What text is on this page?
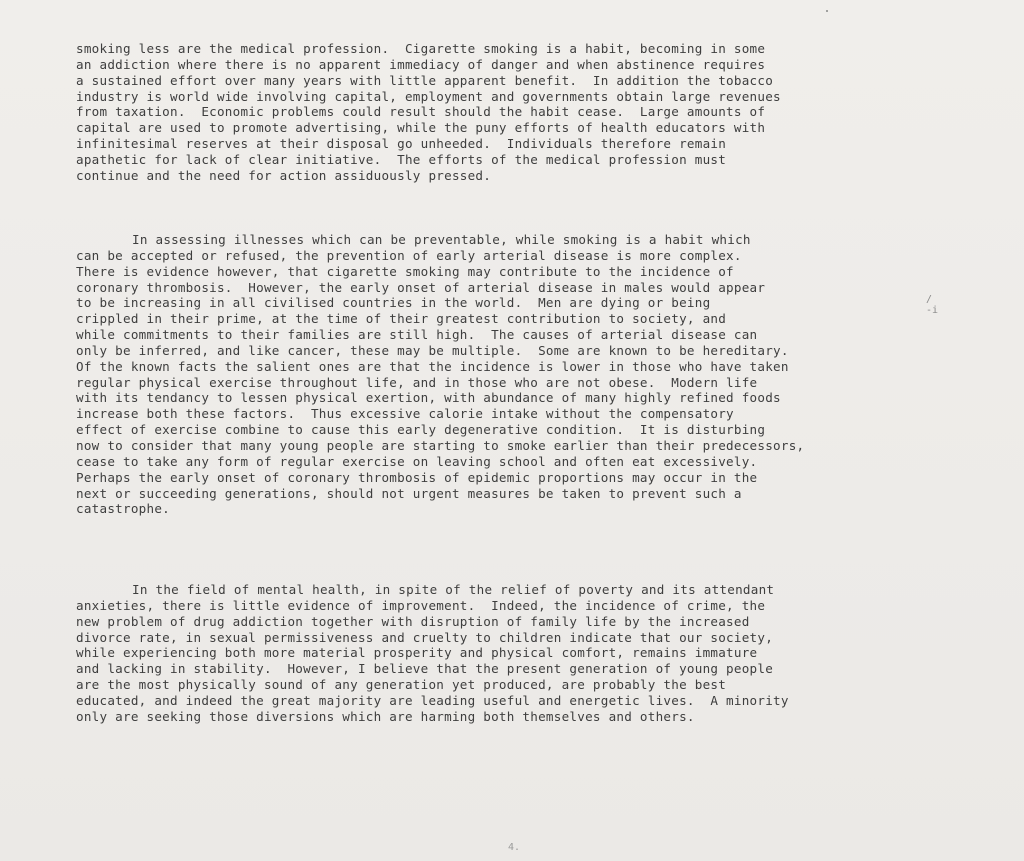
smoking less are the medical profession.  Cigarette smoking is a habit, becoming in some
an addiction where there is no apparent immediacy of danger and when abstinence requires
a sustained effort over many years with little apparent benefit.  In addition the tobacco
industry is world wide involving capital, employment and governments obtain large revenues
from taxation.  Economic problems could result should the habit cease.  Large amounts of
capital are used to promote advertising, while the puny efforts of health educators with
infinitesimal reserves at their disposal go unheeded.  Individuals therefore remain
apathetic for lack of clear initiative.  The efforts of the medical profession must
continue and the need for action assiduously pressed.
In assessing illnesses which can be preventable, while smoking is a habit which
can be accepted or refused, the prevention of early arterial disease is more complex.
There is evidence however, that cigarette smoking may contribute to the incidence of
coronary thrombosis.  However, the early onset of arterial disease in males would appear
to be increasing in all civilised countries in the world.  Men are dying or being
crippled in their prime, at the time of their greatest contribution to society, and
while commitments to their families are still high.  The causes of arterial disease can
only be inferred, and like cancer, these may be multiple.  Some are known to be hereditary.
Of the known facts the salient ones are that the incidence is lower in those who have taken
regular physical exercise throughout life, and in those who are not obese.  Modern life
with its tendancy to lessen physical exertion, with abundance of many highly refined foods
increase both these factors.  Thus excessive calorie intake without the compensatory
effect of exercise combine to cause this early degenerative condition.  It is disturbing
now to consider that many young people are starting to smoke earlier than their predecessors,
cease to take any form of regular exercise on leaving school and often eat excessively.
Perhaps the early onset of coronary thrombosis of epidemic proportions may occur in the
next or succeeding generations, should not urgent measures be taken to prevent such a
catastrophe.
In the field of mental health, in spite of the relief of poverty and its attendant
anxieties, there is little evidence of improvement.  Indeed, the incidence of crime, the
new problem of drug addiction together with disruption of family life by the increased
divorce rate, in sexual permissiveness and cruelty to children indicate that our society,
while experiencing both more material prosperity and physical comfort, remains immature
and lacking in stability.  However, I believe that the present generation of young people
are the most physically sound of any generation yet produced, are probably the best
educated, and indeed the great majority are leading useful and energetic lives.  A minority
only are seeking those diversions which are harming both themselves and others.
/
-i
4.
